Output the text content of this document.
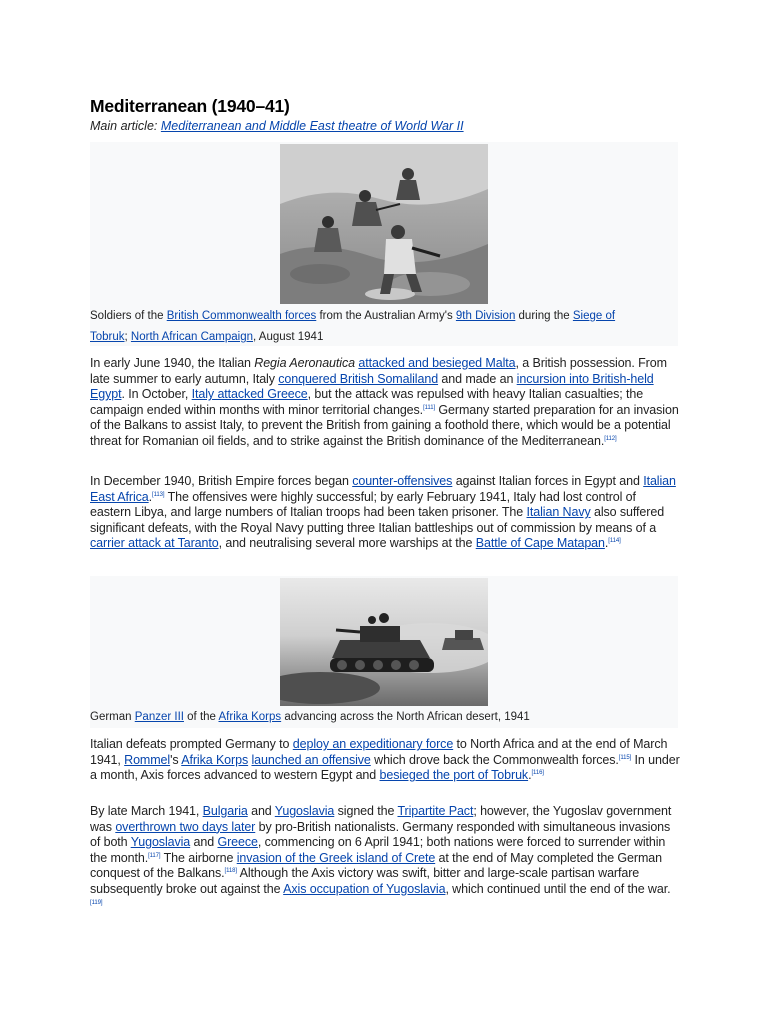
Mediterranean (1940–41)
Main article: Mediterranean and Middle East theatre of World War II
Soldiers of the British Commonwealth forces from the Australian Army's 9th Division during the Siege of
Tobruk; North African Campaign, August 1941
In early June 1940, the Italian Regia Aeronautica attacked and besieged Malta, a British possession. From late summer to early autumn, Italy conquered British Somaliland and made an incursion into British-held Egypt. In October, Italy attacked Greece, but the attack was repulsed with heavy Italian casualties; the campaign ended within months with minor territorial changes.[111] Germany started preparation for an invasion of the Balkans to assist Italy, to prevent the British from gaining a foothold there, which would be a potential threat for Romanian oil fields, and to strike against the British dominance of the Mediterranean.[112]
In December 1940, British Empire forces began counter-offensives against Italian forces in Egypt and Italian East Africa.[113] The offensives were highly successful; by early February 1941, Italy had lost control of eastern Libya, and large numbers of Italian troops had been taken prisoner. The Italian Navy also suffered significant defeats, with the Royal Navy putting three Italian battleships out of commission by means of a carrier attack at Taranto, and neutralising several more warships at the Battle of Cape Matapan.[114]
German Panzer III of the Afrika Korps advancing across the North African desert, 1941
Italian defeats prompted Germany to deploy an expeditionary force to North Africa and at the end of March 1941, Rommel's Afrika Korps launched an offensive which drove back the Commonwealth forces.[115] In under a month, Axis forces advanced to western Egypt and besieged the port of Tobruk.[116]
By late March 1941, Bulgaria and Yugoslavia signed the Tripartite Pact; however, the Yugoslav government was overthrown two days later by pro-British nationalists. Germany responded with simultaneous invasions of both Yugoslavia and Greece, commencing on 6 April 1941; both nations were forced to surrender within the month.[117] The airborne invasion of the Greek island of Crete at the end of May completed the German conquest of the Balkans.[118] Although the Axis victory was swift, bitter and large-scale partisan warfare subsequently broke out against the Axis occupation of Yugoslavia, which continued until the end of the war.[119]
